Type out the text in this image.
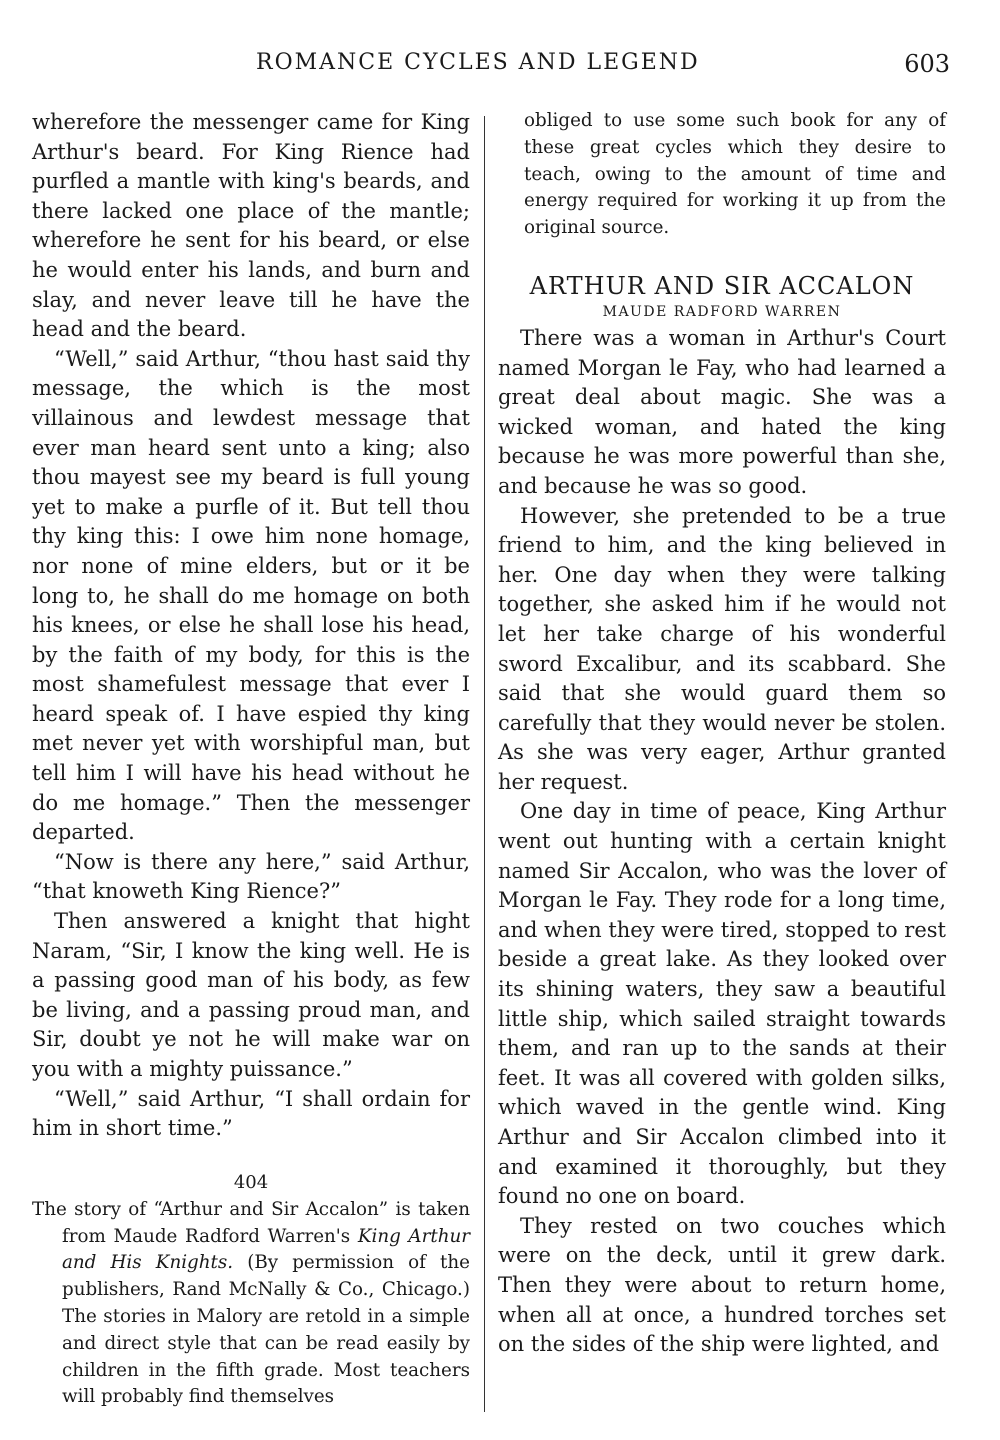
ROMANCE CYCLES AND LEGEND	603

wherefore the messenger came for King Arthur's beard. For King Rience had purfled a mantle with king's beards, and there lacked one place of the mantle; wherefore he sent for his beard, or else he would enter his lands, and burn and slay, and never leave till he have the head and the beard.

“Well,” said Arthur, “thou hast said thy message, the which is the most villainous and lewdest message that ever man heard sent unto a king; also thou mayest see my beard is full young yet to make a purfle of it. But tell thou thy king this: I owe him none homage, nor none of mine elders, but or it be long to, he shall do me homage on both his knees, or else he shall lose his head, by the faith of my body, for this is the most shamefulest message that ever I heard speak of. I have espied thy king met never yet with worshipful man, but tell him I will have his head without he do me homage.” Then the messenger departed.

“Now is there any here,” said Arthur, “that knoweth King Rience?”

Then answered a knight that hight Naram, “Sir, I know the king well. He is a passing good man of his body, as few be living, and a passing proud man, and Sir, doubt ye not he will make war on you with a mighty puissance.”

“Well,” said Arthur, “I shall ordain for him in short time.”

404

The story of “Arthur and Sir Accalon” is taken from Maude Radford Warren's King Arthur and His Knights. (By permission of the publishers, Rand McNally & Co., Chicago.) The stories in Malory are retold in a simple and direct style that can be read easily by children in the fifth grade. Most teachers will probably find themselves

obliged to use some such book for any of these great cycles which they desire to teach, owing to the amount of time and energy required for working it up from the original source.

ARTHUR AND SIR ACCALON
MAUDE RADFORD WARREN

There was a woman in Arthur's Court named Morgan le Fay, who had learned a great deal about magic. She was a wicked woman, and hated the king because he was more powerful than she, and because he was so good.

However, she pretended to be a true friend to him, and the king believed in her. One day when they were talking together, she asked him if he would not let her take charge of his wonderful sword Excalibur, and its scabbard. She said that she would guard them so carefully that they would never be stolen. As she was very eager, Arthur granted her request.

One day in time of peace, King Arthur went out hunting with a certain knight named Sir Accalon, who was the lover of Morgan le Fay. They rode for a long time, and when they were tired, stopped to rest beside a great lake. As they looked over its shining waters, they saw a beautiful little ship, which sailed straight towards them, and ran up to the sands at their feet. It was all covered with golden silks, which waved in the gentle wind. King Arthur and Sir Accalon climbed into it and examined it thoroughly, but they found no one on board.

They rested on two couches which were on the deck, until it grew dark. Then they were about to return home, when all at once, a hundred torches set on the sides of the ship were lighted, and
